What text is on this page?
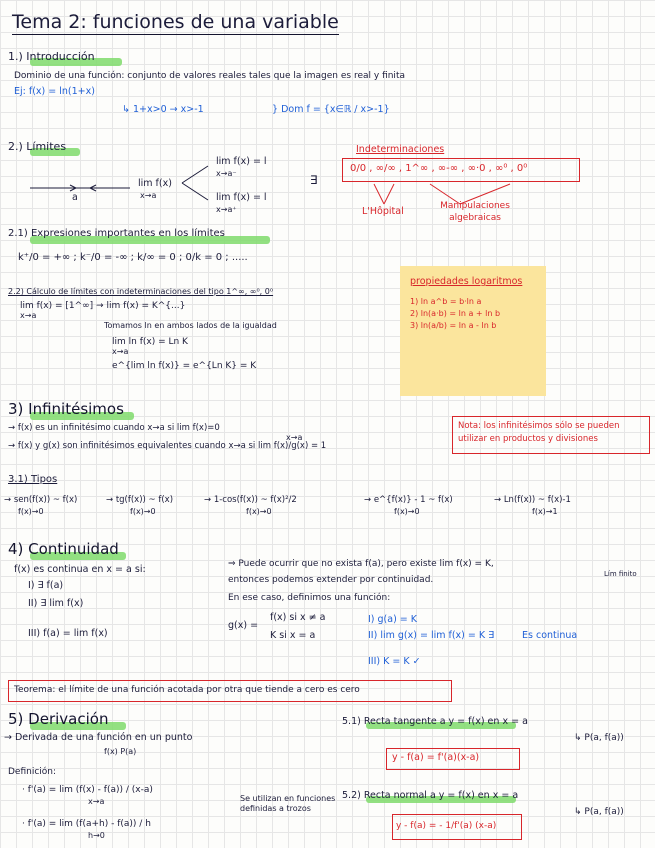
Tema 2: funciones de una variable
1.) Introducción
Dominio de una función: conjunto de valores reales tales que la imagen es real y finita
Ej: f(x) = ln(1+x)
↳ 1+x>0 → x>-1	} Dom f = {x∈ℝ / x>-1}
2.) Límites
a
lim f(x)
x→a
lim f(x) = l
x→a⁻
lim f(x) = l
x→a⁺
∃
Indeterminaciones
0/0 , ∞/∞ , 1^∞ , ∞-∞ , ∞·0 , ∞⁰ , 0⁰
L'Hôpital	Manipulaciones algebraicas
2.1) Expresiones importantes en los límites
k⁺/0 = +∞ ; k⁻/0 = -∞ ; k/∞ = 0 ; 0/k = 0 ; .....
2.2) Cálculo de límites con indeterminaciones del tipo 1^∞, ∞⁰, 0⁰
lim f(x) = [1^∞] → lim f(x) = K^{...}
x→a
Tomamos ln en ambos lados de la igualdad
lim ln f(x) = Ln K
x→a
e^{lim ln f(x)} = e^{Ln K} = K
propiedades logaritmos
1) ln a^b = b·ln a
2) ln(a·b) = ln a + ln b
3) ln(a/b) = ln a - ln b
3) Infinitésimos
→ f(x) es un infinitésimo cuando x→a si lim f(x)=0
x→a
→ f(x) y g(x) son infinitésimos equivalentes cuando x→a si lim f(x)/g(x) = 1
Nota: los infinitésimos sólo se pueden utilizar en productos y divisiones
3.1) Tipos
→ sen(f(x)) ~ f(x)
f(x)→0
→ tg(f(x)) ~ f(x)
f(x)→0
→ 1-cos(f(x)) ~ f(x)²/2
f(x)→0
→ e^{f(x)} - 1 ~ f(x)
f(x)→0
→ Ln(f(x)) ~ f(x)-1
f(x)→1
4) Continuidad
f(x) es continua en x = a si:
I) ∃ f(a)
II) ∃ lim f(x)
III) f(a) = lim f(x)
⇒ Puede ocurrir que no exista f(a), pero existe lim f(x) = K,
Lím finito
entonces podemos extender por continuidad.
En ese caso, definimos una función:
g(x) =
f(x) si x ≠ a
K si x = a
I) g(a) = K
II) lim g(x) = lim f(x) = K ∃
III) K = K ✓
Es continua
Teorema: el límite de una función acotada por otra que tiende a cero es cero
5) Derivación
→ Derivada de una función en un punto
f(x) P(a)
Definición:
· f'(a) = lim (f(x) - f(a)) / (x-a)
x→a
· f'(a) = lim (f(a+h) - f(a)) / h
h→0
Se utilizan en funciones definidas a trozos
5.1) Recta tangente a y = f(x) en x = a
↳ P(a, f(a))
y - f(a) = f'(a)(x-a)
5.2) Recta normal a y = f(x) en x = a
↳ P(a, f(a))
y - f(a) = - 1/f'(a) (x-a)
